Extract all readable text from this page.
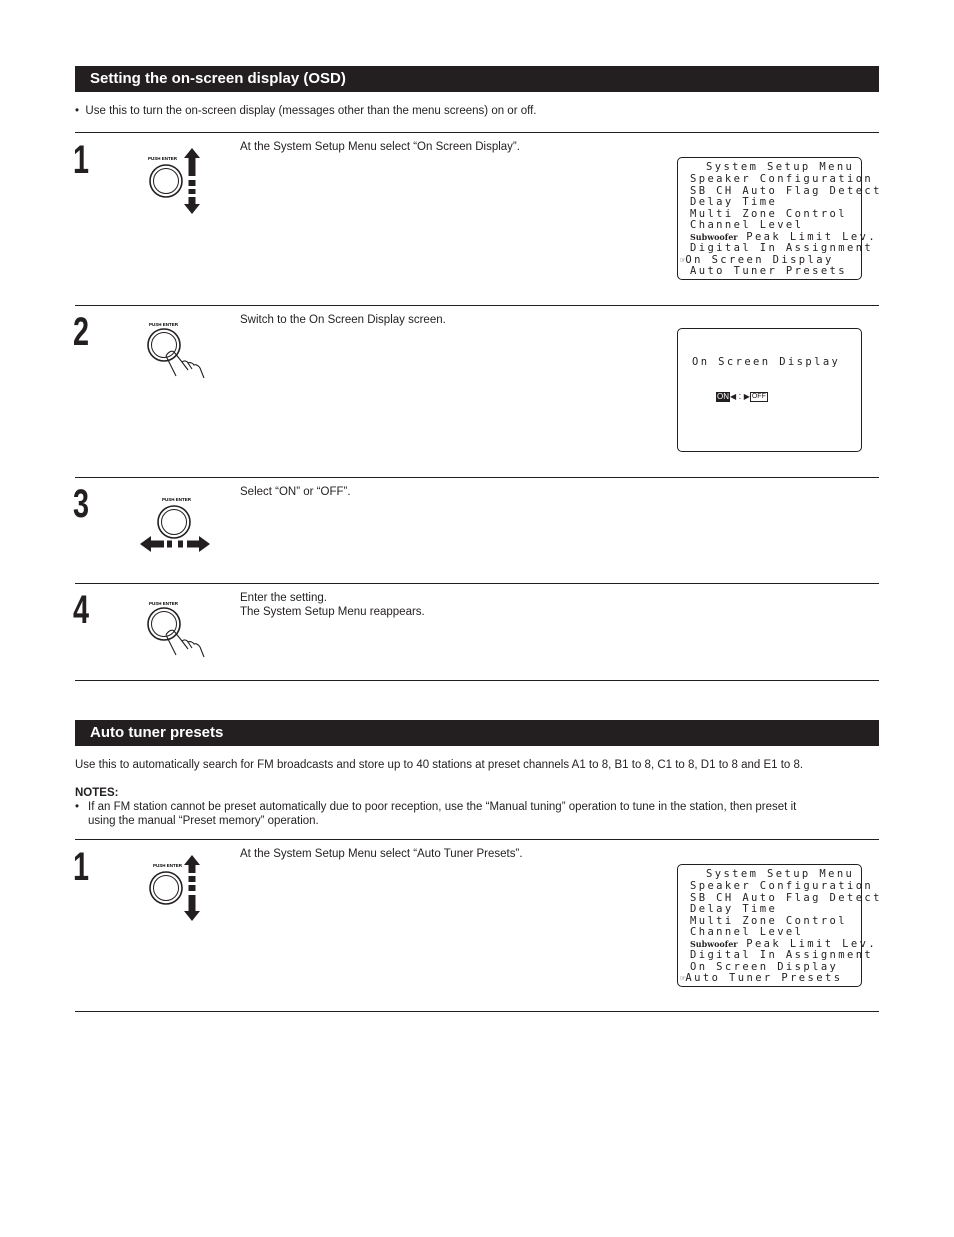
Setting the on-screen display (OSD)
• Use this to turn the on-screen display (messages other than the menu screens) on or off.
1	PUSH ENTER
At the System Setup Menu select “On Screen Display”.
System Setup Menu
Speaker Configuration
SB CH Auto Flag Detect
Delay Time
Multi Zone Control
Channel Level
Subwoofer Peak Limit Lev.
Digital In Assignment
☞On Screen Display
Auto Tuner Presets
2	PUSH ENTER	Switch to the On Screen Display screen.
On Screen Display
ON◀ : ▶ OFF
3	PUSH ENTER
Select “ON” or “OFF”.
4	PUSH ENTER	Enter the setting.
The System Setup Menu reappears.
Auto tuner presets
Use this to automatically search for FM broadcasts and store up to 40 stations at preset channels A1 to 8, B1 to 8, C1 to 8, D1 to 8 and E1 to 8.
NOTES:
• If an FM station cannot be preset automatically due to poor reception, use the “Manual tuning” operation to tune in the station, then preset it
using the manual “Preset memory” operation.
1	PUSH ENTER
At the System Setup Menu select “Auto Tuner Presets”.
System Setup Menu
Speaker Configuration
SB CH Auto Flag Detect
Delay Time
Multi Zone Control
Channel Level
Subwoofer Peak Limit Lev.
Digital In Assignment
On Screen Display
☞Auto Tuner Presets
